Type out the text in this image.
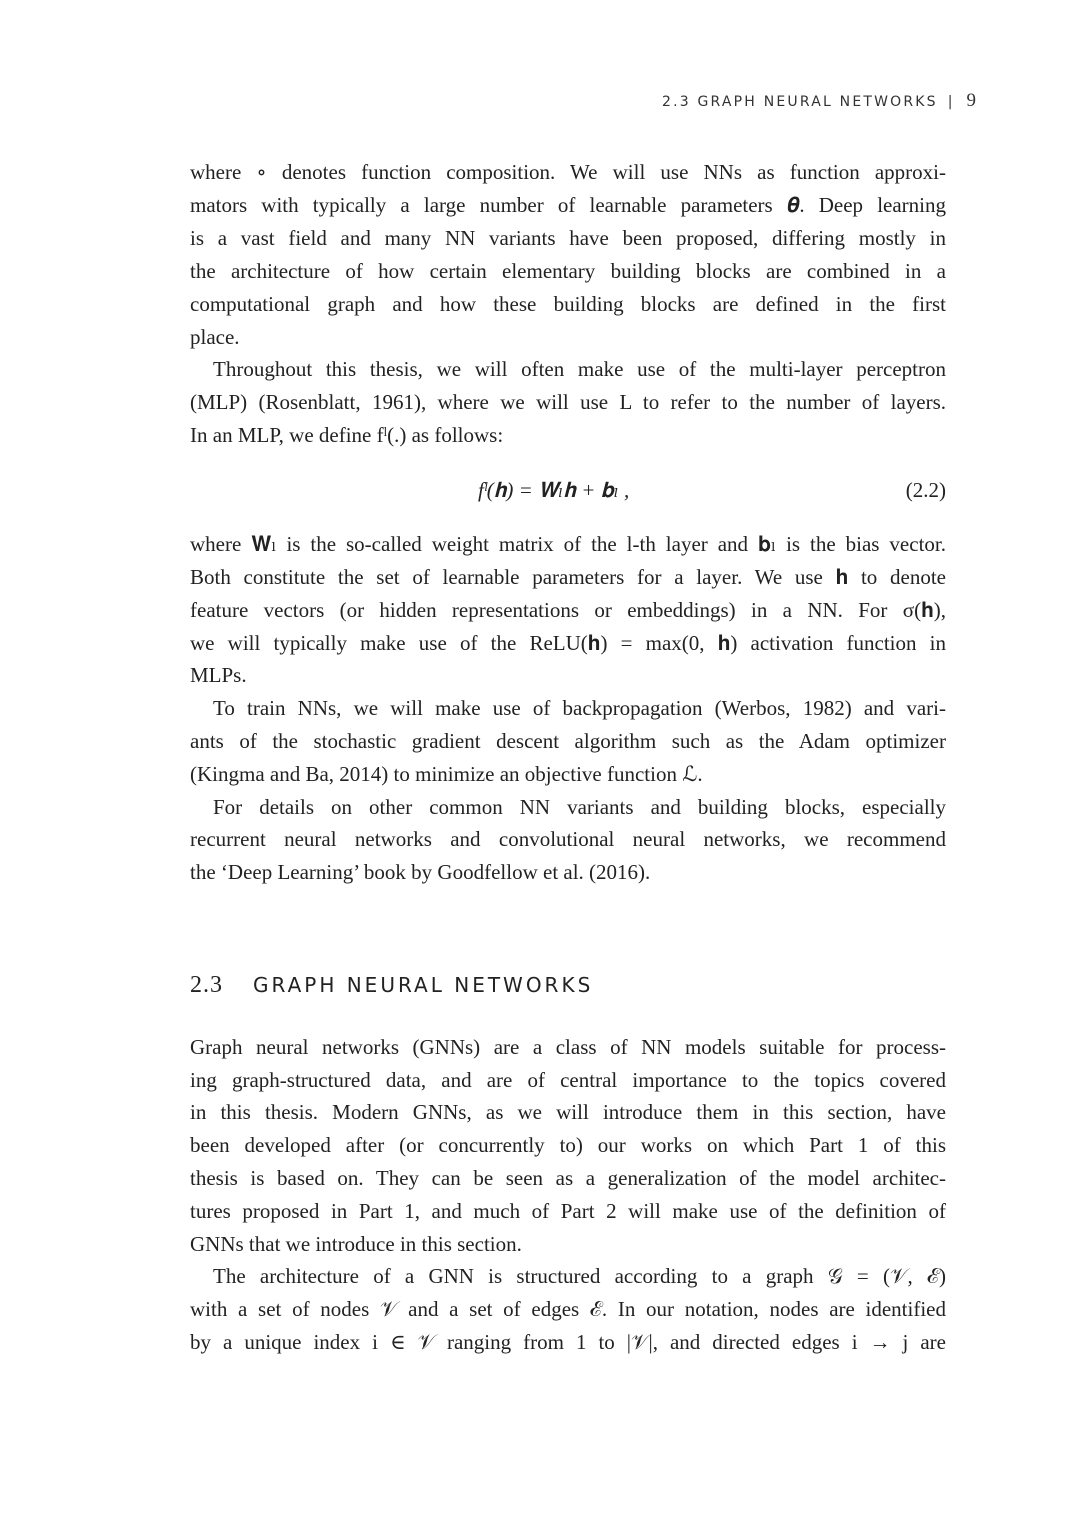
2.3 GRAPH NEURAL NETWORKS | 9
where ∘ denotes function composition. We will use NNs as function approxi-
mators with typically a large number of learnable parameters 𝜽. Deep learning
is a vast field and many NN variants have been proposed, differing mostly in
the architecture of how certain elementary building blocks are combined in a
computational graph and how these building blocks are defined in the first
place.
Throughout this thesis, we will often make use of the multi-layer perceptron
(MLP) (Rosenblatt, 1961), where we will use L to refer to the number of layers.
In an MLP, we define fˡ(.) as follows:
fˡ(𝐡) = 𝐖ₗ𝐡 + 𝐛ₗ ,	(2.2)
where 𝐖ₗ is the so-called weight matrix of the l-th layer and 𝐛ₗ is the bias vector.
Both constitute the set of learnable parameters for a layer. We use 𝐡 to denote
feature vectors (or hidden representations or embeddings) in a NN. For σ(𝐡),
we will typically make use of the ReLU(𝐡) = max(0, 𝐡) activation function in
MLPs.
To train NNs, we will make use of backpropagation (Werbos, 1982) and vari-
ants of the stochastic gradient descent algorithm such as the Adam optimizer
(Kingma and Ba, 2014) to minimize an objective function ℒ.
For details on other common NN variants and building blocks, especially
recurrent neural networks and convolutional neural networks, we recommend
the ‘Deep Learning’ book by Goodfellow et al. (2016).
2.3 GRAPH NEURAL NETWORKS
Graph neural networks (GNNs) are a class of NN models suitable for process-
ing graph-structured data, and are of central importance to the topics covered
in this thesis. Modern GNNs, as we will introduce them in this section, have
been developed after (or concurrently to) our works on which Part 1 of this
thesis is based on. They can be seen as a generalization of the model architec-
tures proposed in Part 1, and much of Part 2 will make use of the definition of
GNNs that we introduce in this section.
The architecture of a GNN is structured according to a graph 𝒢 = (𝒱, ℰ)
with a set of nodes 𝒱 and a set of edges ℰ. In our notation, nodes are identified
by a unique index i ∈ 𝒱 ranging from 1 to |𝒱|, and directed edges i → j are
